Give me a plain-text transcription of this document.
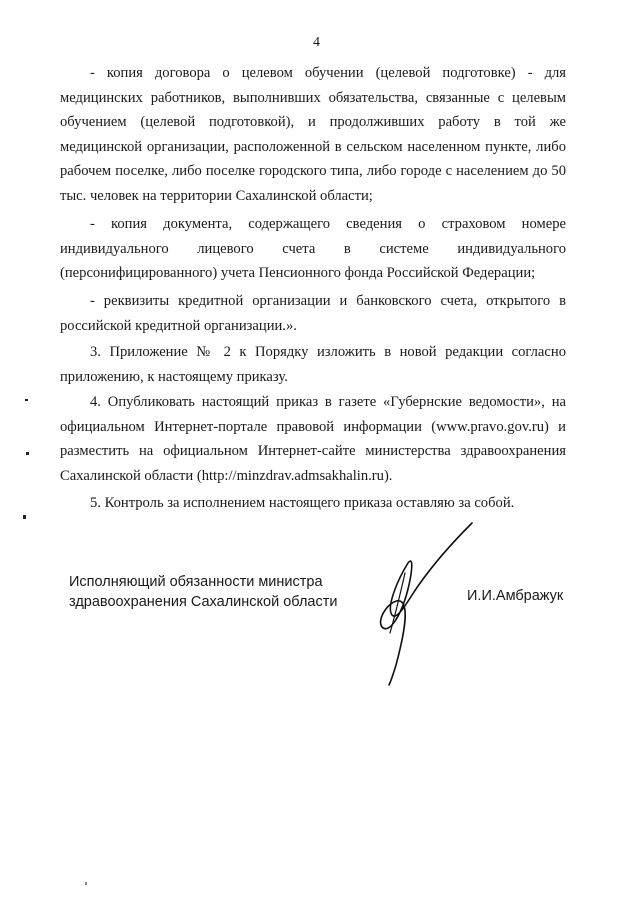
4

- копия договора о целевом обучении (целевой подготовке) - для медицинских работников, выполнивших обязательства, связанные с целевым обучением (целевой подготовкой), и продолживших работу в той же медицинской организации, расположенной в сельском населенном пункте, либо рабочем поселке, либо поселке городского типа, либо городе с населением до 50 тыс. человек на территории Сахалинской области;

- копия документа, содержащего сведения о страховом номере индивидуального лицевого счета в системе индивидуального (персонифицированного) учета Пенсионного фонда Российской Федерации;

- реквизиты кредитной организации и банковского счета, открытого в российской кредитной организации.».

3. Приложение № 2 к Порядку изложить в новой редакции согласно приложению, к настоящему приказу.

4. Опубликовать настоящий приказ в газете «Губернские ведомости», на официальном Интернет-портале правовой информации (www.pravo.gov.ru) и разместить на официальном Интернет-сайте министерства здравоохранения Сахалинской области (http://minzdrav.admsakhalin.ru).

5. Контроль за исполнением настоящего приказа оставляю за собой.

Исполняющий обязанности министра
здравоохранения Сахалинской области	И.И.Амбражук
